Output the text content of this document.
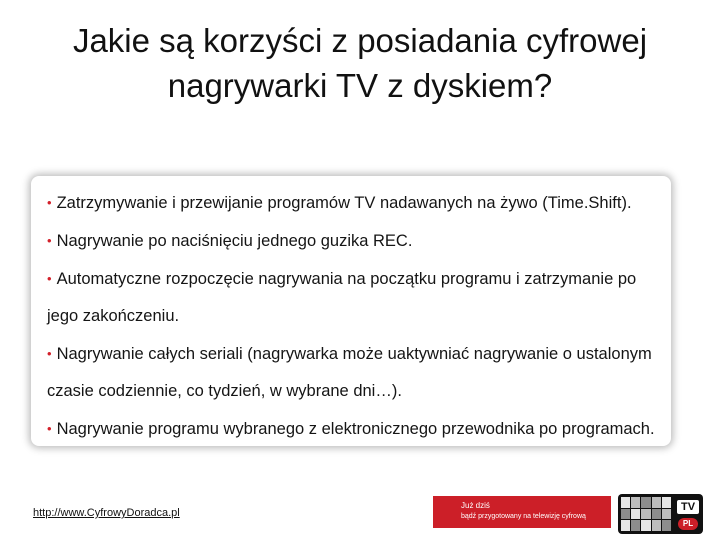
Jakie są korzyści z posiadania cyfrowej
nagrywarki TV z dyskiem?
• Zatrzymywanie i przewijanie programów TV nadawanych na żywo (Time.Shift).
• Nagrywanie po naciśnięciu jednego guzika REC.
• Automatyczne rozpoczęcie nagrywania na początku programu i zatrzymanie po
jego zakończeniu.
• Nagrywanie całych seriali (nagrywarka może uaktywniać nagrywanie o ustalonym
czasie codziennie, co tydzień, w wybrane dni…).
• Nagrywanie programu wybranego z elektronicznego przewodnika po programach.
http://www.CyfrowyDoradca.pl
Już dziś
bądź przygotowany na telewizję cyfrową
TV
PL
